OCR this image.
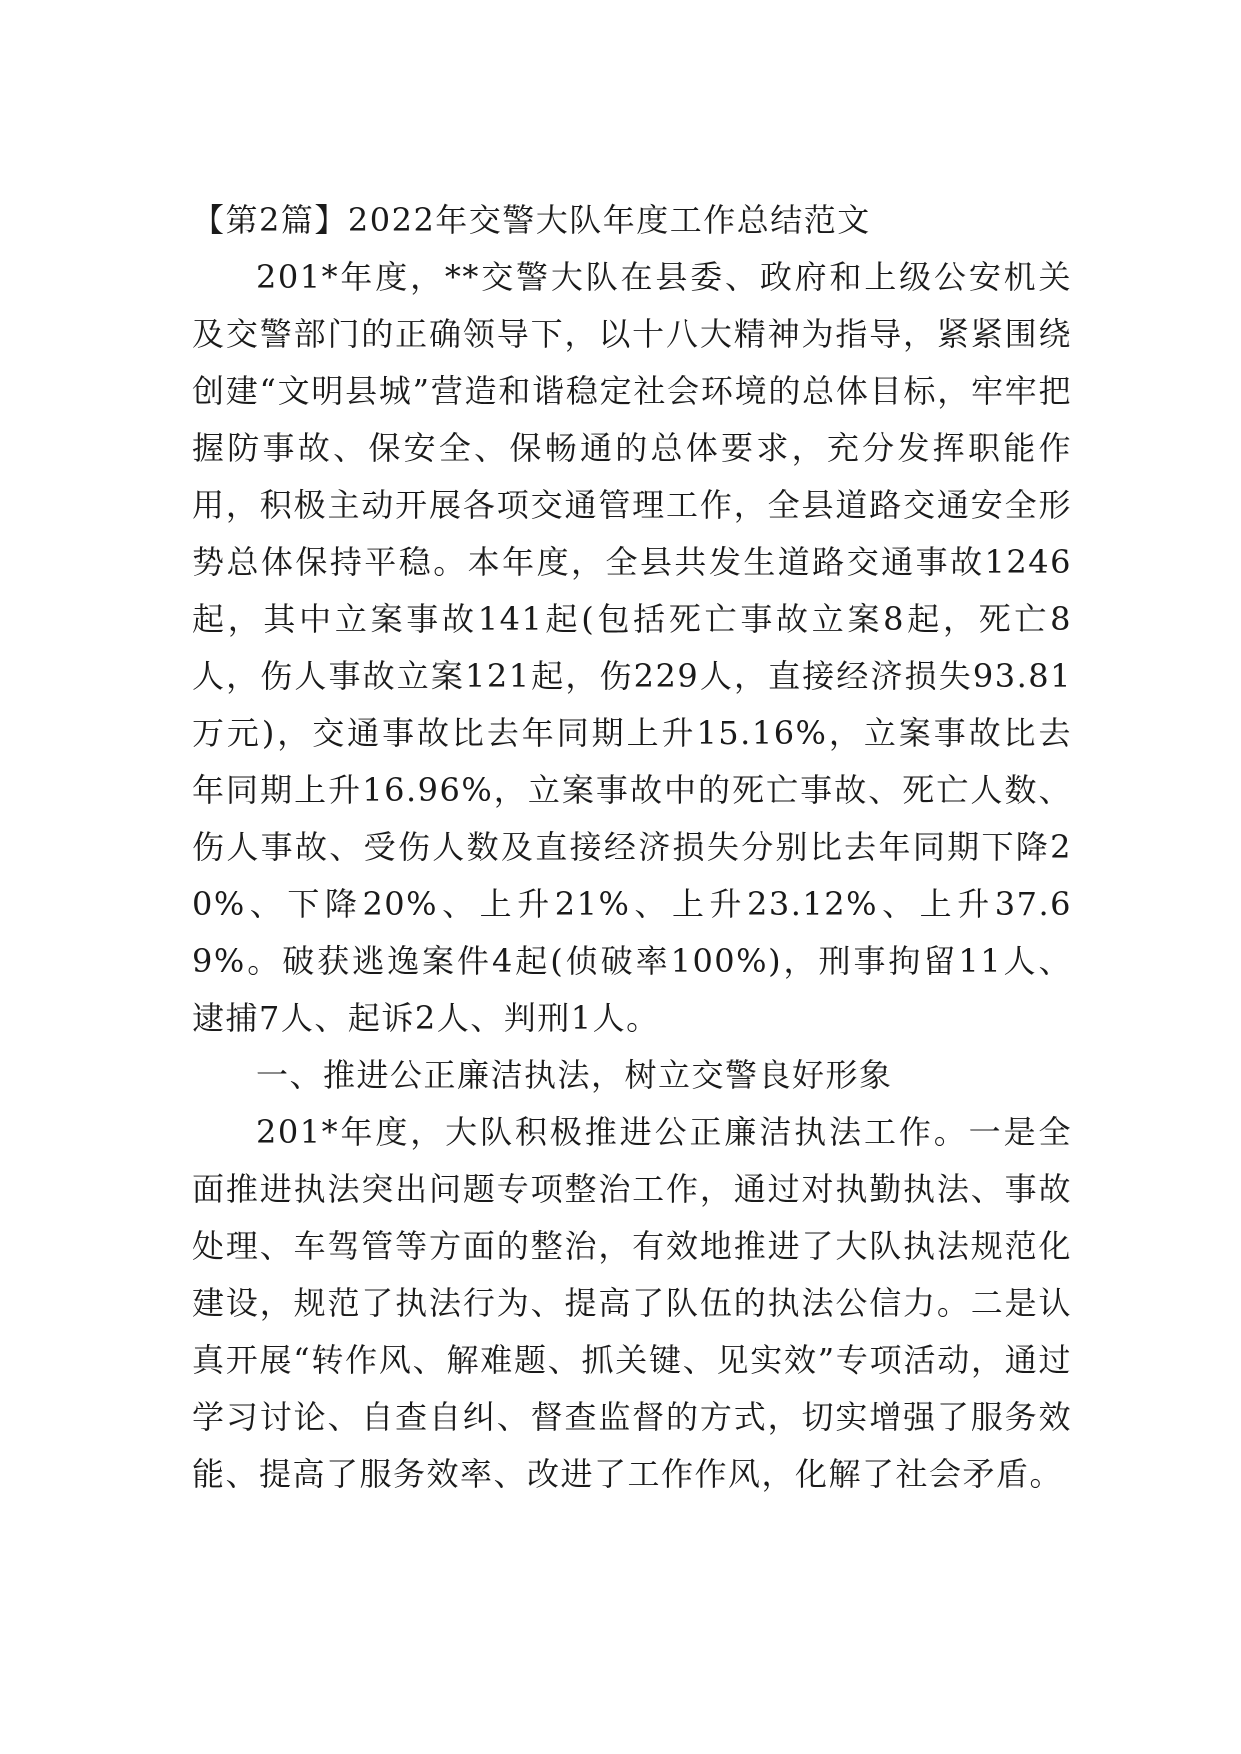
【第2篇】2022年交警大队年度工作总结范文

201*年度，**交警大队在县委、政府和上级公安机关及交警部门的正确领导下，以十八大精神为指导，紧紧围绕创建“文明县城”营造和谐稳定社会环境的总体目标，牢牢把握防事故、保安全、保畅通的总体要求，充分发挥职能作用，积极主动开展各项交通管理工作，全县道路交通安全形势总体保持平稳。本年度，全县共发生道路交通事故1246起，其中立案事故141起(包括死亡事故立案8起，死亡8人，伤人事故立案121起，伤229人，直接经济损失93.81万元)，交通事故比去年同期上升15.16%，立案事故比去年同期上升16.96%，立案事故中的死亡事故、死亡人数、伤人事故、受伤人数及直接经济损失分别比去年同期下降20%、下降20%、上升21%、上升23.12%、上升37.69%。破获逃逸案件4起(侦破率100%)，刑事拘留11人、逮捕7人、起诉2人、判刑1人。

一、推进公正廉洁执法，树立交警良好形象

201*年度，大队积极推进公正廉洁执法工作。一是全面推进执法突出问题专项整治工作，通过对执勤执法、事故处理、车驾管等方面的整治，有效地推进了大队执法规范化建设，规范了执法行为、提高了队伍的执法公信力。二是认真开展“转作风、解难题、抓关键、见实效”专项活动，通过学习讨论、自查自纠、督查监督的方式，切实增强了服务效能、提高了服务效率、改进了工作作风，化解了社会矛盾。
